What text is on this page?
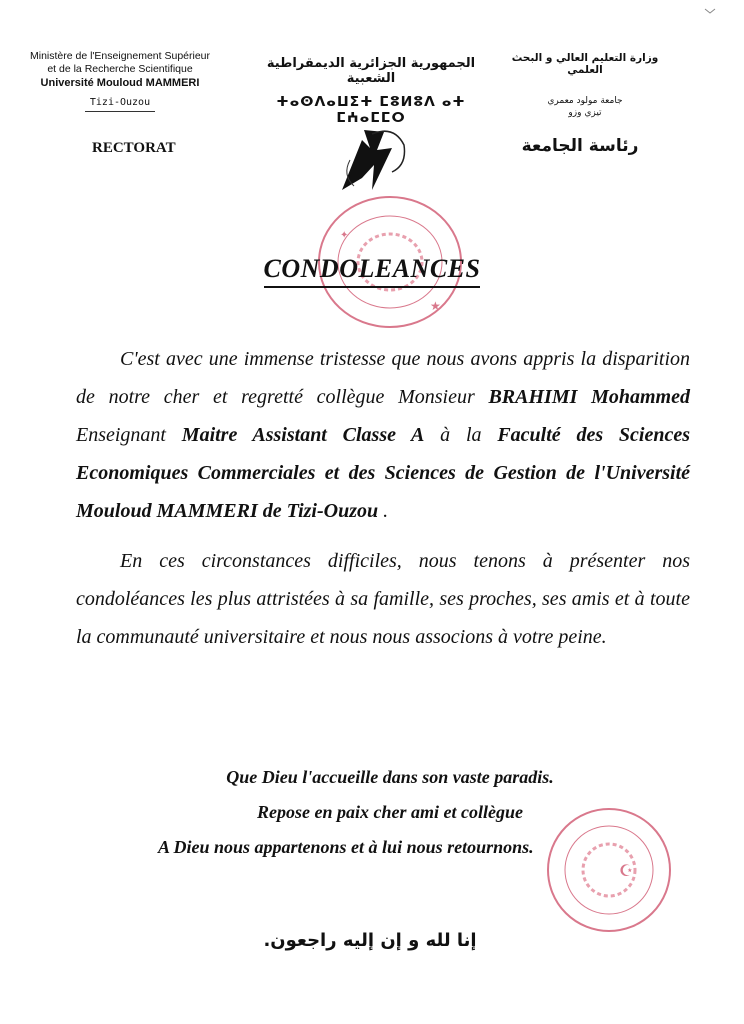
Ministère de l'Enseignement Supérieur
et de la Recherche Scientifique
Université Mouloud MAMMERI
Tizi-Ouzou
RECTORAT
الجمهورية الجزائرية الديمقراطية الشعبية
ⵜⴰⵙⴷⴰⵡⵉⵜ ⵎⵓⵍⵓⴷ ⴰⵜ ⵎⵄⴰⵎⵎⵔ
وزارة التعليم العالي و البحث العلمي
جامعة مولود معمري
تيزي وزو
رئاسة الجامعة
★
✦
CONDOLEANCES

C'est avec une immense tristesse que nous avons appris la disparition de notre cher et regretté collègue Monsieur BRAHIMI Mohammed Enseignant Maitre Assistant Classe A à la Faculté des Sciences Economiques Commerciales et des Sciences de Gestion de l'Université Mouloud MAMMERI de Tizi-Ouzou .

En ces circonstances difficiles, nous tenons à présenter nos condoléances les plus attristées à sa famille, ses proches, ses amis et à toute la communauté universitaire et nous nous associons à votre peine.

Que Dieu l'accueille dans son vaste paradis.
Repose en paix cher ami et collègue
A Dieu nous appartenons et à lui nous retournons.
☪
إنا لله و إن إليه راجعون.
